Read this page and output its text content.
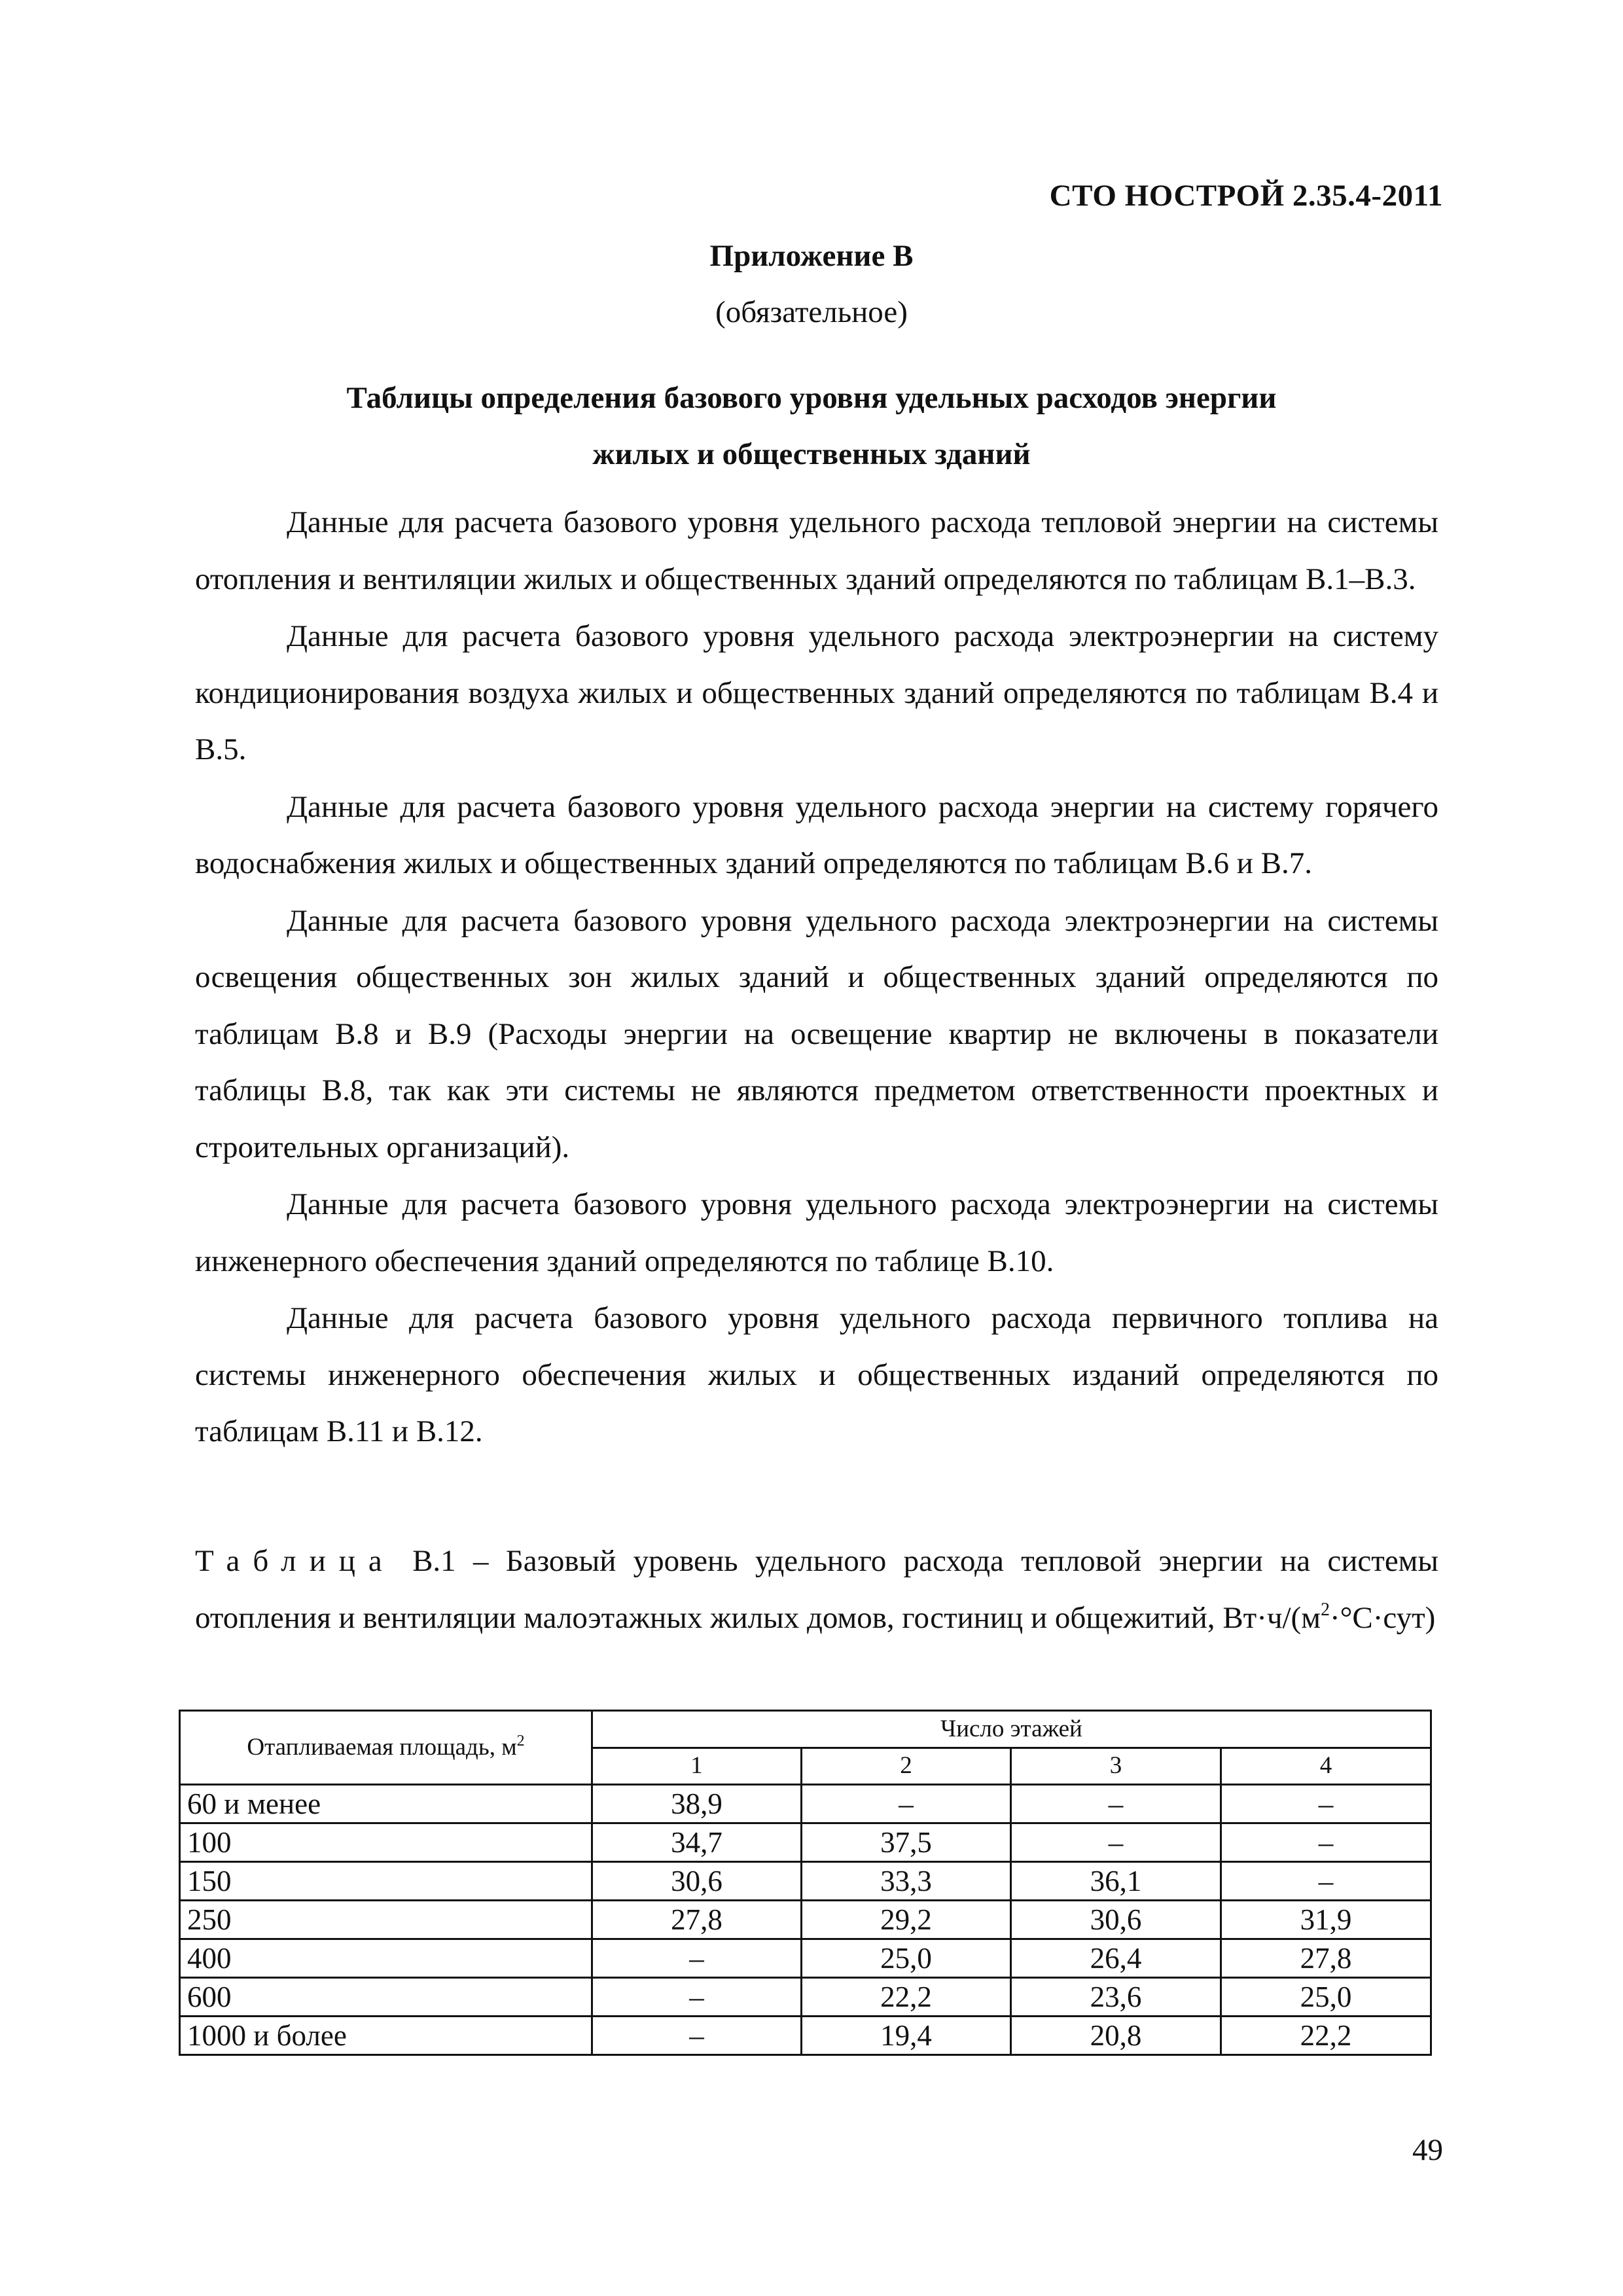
СТО НОСТРОЙ 2.35.4-2011
Приложение В
(обязательное)
Таблицы определения базового уровня удельных расходов энергии
жилых и общественных зданий

Данные для расчета базового уровня удельного расхода тепловой энергии на системы отопления и вентиляции жилых и общественных зданий определяются по таблицам В.1–В.3.

Данные для расчета базового уровня удельного расхода электроэнергии на систему кондиционирования воздуха жилых и общественных зданий определяются по таблицам В.4 и В.5.

Данные для расчета базового уровня удельного расхода энергии на систему горячего водоснабжения жилых и общественных зданий определяются по таблицам В.6 и В.7.

Данные для расчета базового уровня удельного расхода электроэнергии на системы освещения общественных зон жилых зданий и общественных зданий определяются по таблицам В.8 и В.9 (Расходы энергии на освещение квартир не включены в показатели таблицы В.8, так как эти системы не являются предметом ответственности проектных и строительных организаций).

Данные для расчета базового уровня удельного расхода электроэнергии на системы инженерного обеспечения зданий определяются по таблице В.10.

Данные для расчета базового уровня удельного расхода первичного топлива на системы инженерного обеспечения жилых и общественных изданий определяются по таблицам В.11 и В.12.

Таблица В.1 – Базовый уровень удельного расхода тепловой энергии на системы отопления и вентиляции малоэтажных жилых домов, гостиниц и общежитий, $Вт\cdot ч/(м^2\cdot^\circ С\cdot сут)$
Отапливаемая площадь, $м^2$	Число этажей			
	1	2	3	4
60 и менее	38,9	–	–	–
100	34,7	37,5	–	–
150	30,6	33,3	36,1	–
250	27,8	29,2	30,6	31,9
400	–	25,0	26,4	27,8
600	–	22,2	23,6	25,0
1000 и более	–	19,4	20,8	22,2
49
